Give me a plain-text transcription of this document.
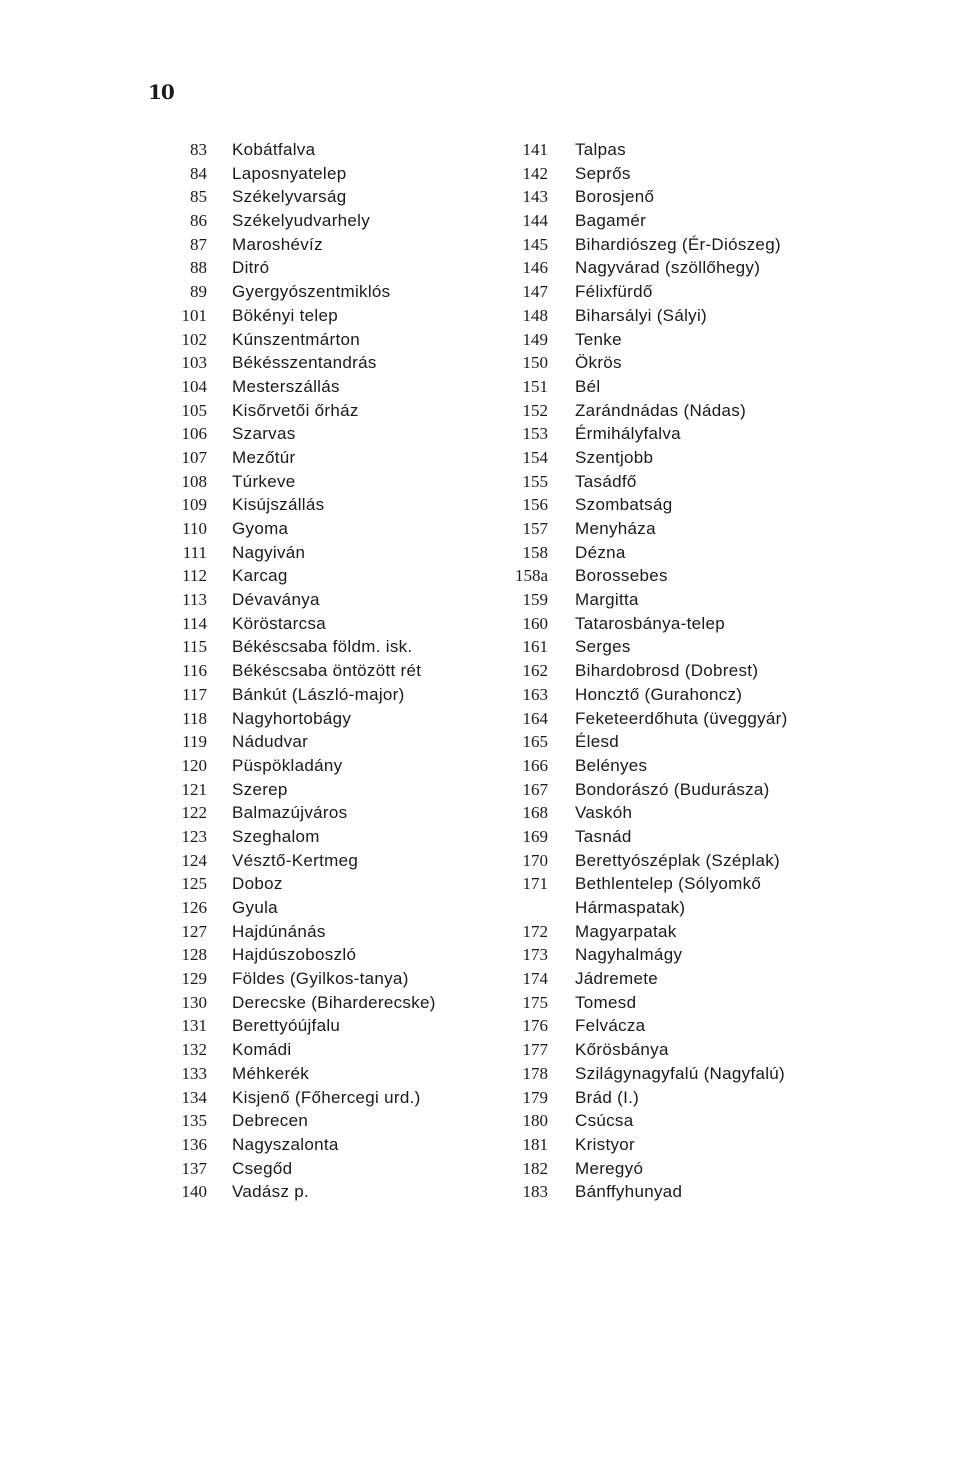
10
83	Kobátfalva
84	Laposnyatelep
85	Székelyvarság
86	Székelyudvarhely
87	Maroshévíz
88	Ditró
89	Gyergyószentmiklós
101	Bökényi telep
102	Kúnszentmárton
103	Békésszentandrás
104	Mesterszállás
105	Kisőrvetői őrház
106	Szarvas
107	Mezőtúr
108	Túrkeve
109	Kisújszállás
110	Gyoma
111	Nagyiván
112	Karcag
113	Dévaványa
114	Köröstarcsa
115	Békéscsaba földm. isk.
116	Békéscsaba öntözött rét
117	Bánkút (László-major)
118	Nagyhortobágy
119	Nádudvar
120	Püspökladány
121	Szerep
122	Balmazújváros
123	Szeghalom
124	Vésztő-Kertmeg
125	Doboz
126	Gyula
127	Hajdúnánás
128	Hajdúszoboszló
129	Földes (Gyilkos-tanya)
130	Derecske (Biharderecske)
131	Berettyóújfalu
132	Komádi
133	Méhkerék
134	Kisjenő (Főhercegi urd.)
135	Debrecen
136	Nagyszalonta
137	Csegőd
140	Vadász p.
141	Talpas
142	Seprős
143	Borosjenő
144	Bagamér
145	Bihardiószeg (Ér-Diószeg)
146	Nagyvárad (szöllőhegy)
147	Félixfürdő
148	Biharsályi (Sályi)
149	Tenke
150	Ökrös
151	Bél
152	Zarándnádas (Nádas)
153	Érmihályfalva
154	Szentjobb
155	Tasádfő
156	Szombatság
157	Menyháza
158	Dézna
158a	Borossebes
159	Margitta
160	Tatarosbánya-telep
161	Serges
162	Bihardobrosd (Dobrest)
163	Honcztő (Gurahoncz)
164	Feketeerdőhuta (üveggyár)
165	Élesd
166	Belényes
167	Bondorászó (Budurásza)
168	Vaskóh
169	Tasnád
170	Berettyószéplak (Széplak)
171	Bethlentelep (Sólyomkő Hármaspatak)
172	Magyarpatak
173	Nagyhalmágy
174	Jádremete
175	Tomesd
176	Felvácza
177	Kőrösbánya
178	Szilágynagyfalú (Nagyfalú)
179	Brád (I.)
180	Csúcsa
181	Kristyor
182	Meregyó
183	Bánffyhunyad
